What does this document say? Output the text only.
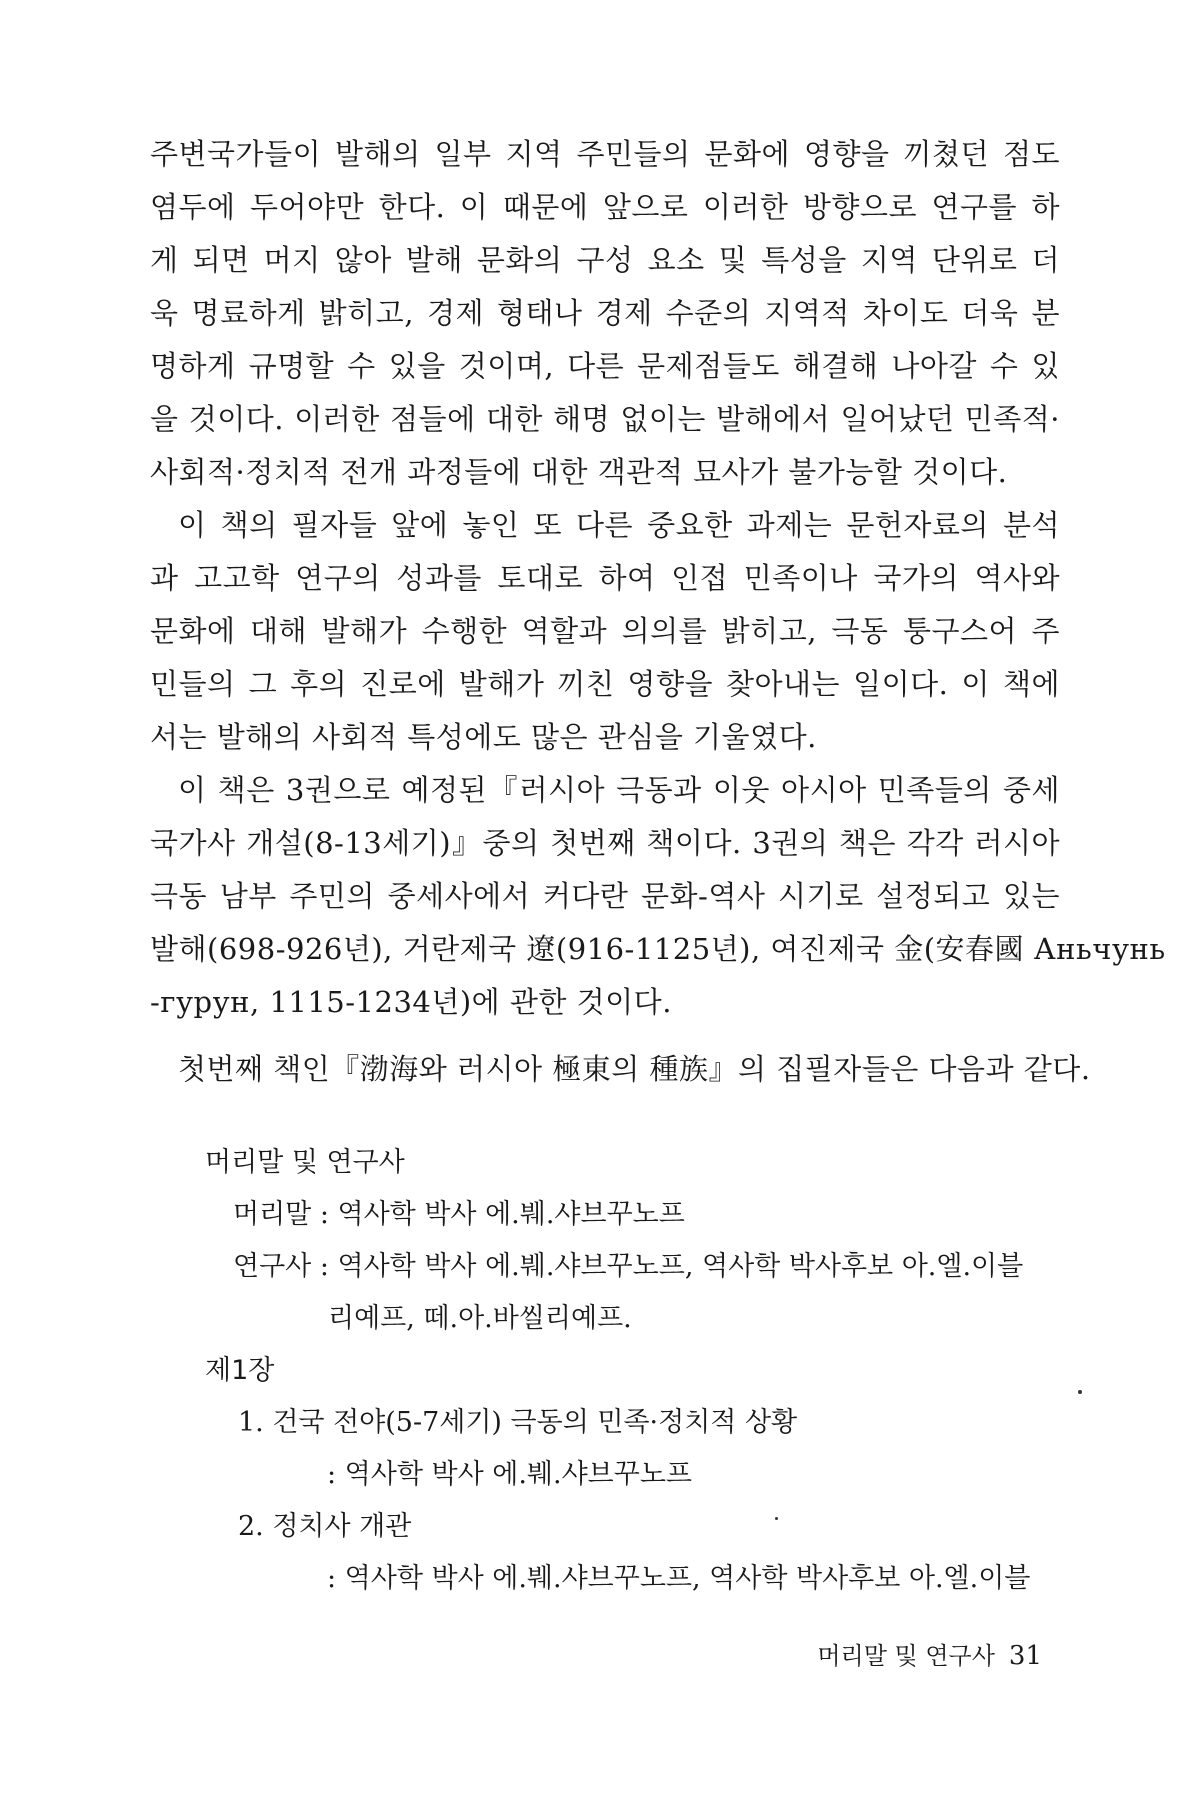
주변국가들이 발해의 일부 지역 주민들의 문화에 영향을 끼쳤던 점도
염두에 두어야만 한다. 이 때문에 앞으로 이러한 방향으로 연구를 하
게 되면 머지 않아 발해 문화의 구성 요소 및 특성을 지역 단위로 더
욱 명료하게 밝히고, 경제 형태나 경제 수준의 지역적 차이도 더욱 분
명하게 규명할 수 있을 것이며, 다른 문제점들도 해결해 나아갈 수 있
을 것이다. 이러한 점들에 대한 해명 없이는 발해에서 일어났던 민족적·
사회적·정치적 전개 과정들에 대한 객관적 묘사가 불가능할 것이다.
이 책의 필자들 앞에 놓인 또 다른 중요한 과제는 문헌자료의 분석
과 고고학 연구의 성과를 토대로 하여 인접 민족이나 국가의 역사와
문화에 대해 발해가 수행한 역할과 의의를 밝히고, 극동 퉁구스어 주
민들의 그 후의 진로에 발해가 끼친 영향을 찾아내는 일이다. 이 책에
서는 발해의 사회적 특성에도 많은 관심을 기울였다.
이 책은 3권으로 예정된『러시아 극동과 이웃 아시아 민족들의 중세
국가사 개설(8-13세기)』중의 첫번째 책이다. 3권의 책은 각각 러시아
극동 남부 주민의 중세사에서 커다란 문화-역사 시기로 설정되고 있는
발해(698-926년), 거란제국 遼(916-1125년), 여진제국 金(安春國 Аньчунь
-гурун, 1115-1234년)에 관한 것이다.
첫번째 책인『渤海와 러시아 極東의 種族』의 집필자들은 다음과 같다.
머리말 및 연구사
머리말 : 역사학 박사 에.붸.샤브꾸노프
연구사 : 역사학 박사 에.붸.샤브꾸노프, 역사학 박사후보 아.엘.이블
리예프, 떼.아.바씰리예프.
제1장
1. 건국 전야(5-7세기) 극동의 민족·정치적 상황
: 역사학 박사 에.붸.샤브꾸노프
2. 정치사 개관
: 역사학 박사 에.붸.샤브꾸노프, 역사학 박사후보 아.엘.이블
머리말 및 연구사 31
